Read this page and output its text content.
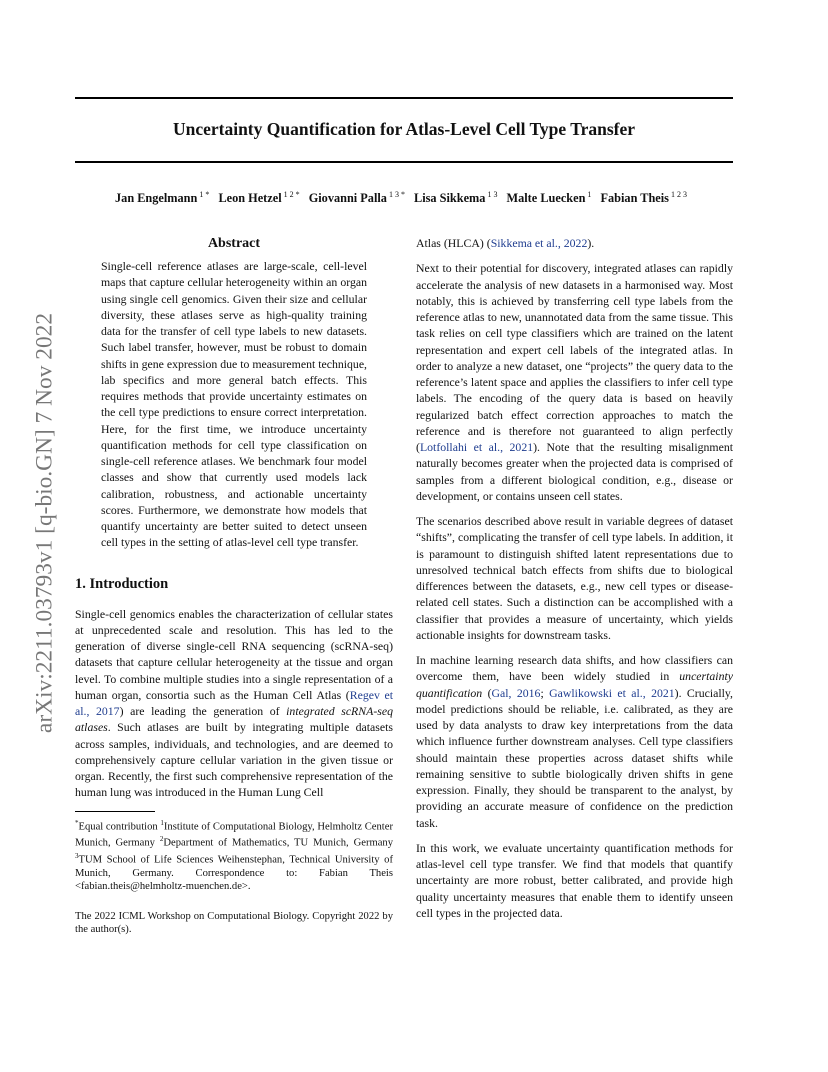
Uncertainty Quantification for Atlas-Level Cell Type Transfer
Jan Engelmann $^{1 *}$ Leon Hetzel $^{1 2 *}$ Giovanni Palla $^{1 3 *}$ Lisa Sikkema $^{1 3}$ Malte Luecken $^1$ Fabian Theis $^{1 2 3}$
arXiv:2211.03793v1 [q-bio.GN] 7 Nov 2022
Abstract

Single-cell reference atlases are large-scale, cell-level maps that capture cellular heterogeneity within an organ using single cell genomics. Given their size and cellular diversity, these atlases serve as high-quality training data for the transfer of cell type labels to new datasets. Such label transfer, however, must be robust to domain shifts in gene expression due to measurement technique, lab specifics and more general batch effects. This requires methods that provide uncertainty estimates on the cell type predictions to ensure correct interpretation. Here, for the first time, we introduce uncertainty quantification methods for cell type classification on single-cell reference atlases. We benchmark four model classes and show that currently used models lack calibration, robustness, and actionable uncertainty scores. Furthermore, we demonstrate how models that quantify uncertainty are better suited to detect unseen cell types in the setting of atlas-level cell type transfer.

1. Introduction

Single-cell genomics enables the characterization of cellular states at unprecedented scale and resolution. This has led to the generation of diverse single-cell RNA sequencing (scRNA-seq) datasets that capture cellular heterogeneity at the tissue and organ level. To combine multiple studies into a single representation of a human organ, consortia such as the Human Cell Atlas (Regev et al., 2017) are leading the generation of integrated scRNA-seq atlases. Such atlases are built by integrating multiple datasets across samples, individuals, and technologies, and are deemed to comprehensively capture cellular variation in the given tissue or organ. Recently, the first such comprehensive representation of the human lung was introduced in the Human Lung Cell

*Equal contribution $^1$Institute of Computational Biology, Helmholtz Center Munich, Germany $^2$Department of Mathematics, TU Munich, Germany $^3$TUM School of Life Sciences Weihenstephan, Technical University of Munich, Germany. Correspondence to: Fabian Theis <fabian.theis@helmholtz-muenchen.de>.
The 2022 ICML Workshop on Computational Biology. Copyright 2022 by the author(s).

Atlas (HLCA) (Sikkema et al., 2022).

Next to their potential for discovery, integrated atlases can rapidly accelerate the analysis of new datasets in a harmonised way. Most notably, this is achieved by transferring cell type labels from the reference atlas to new, unannotated data from the same tissue. This task relies on cell type classifiers which are trained on the latent representation and expert cell labels of the integrated atlas. In order to analyze a new dataset, one “projects” the query data to the reference’s latent space and applies the classifiers to infer cell type labels. The encoding of the query data is based on heavily regularized batch effect correction approaches to match the reference and is therefore not guaranteed to align perfectly (Lotfollahi et al., 2021). Note that the resulting misalignment naturally becomes greater when the projected data is comprised of samples from a different biological condition, e.g., disease or development, or contains unseen cell states.

The scenarios described above result in variable degrees of dataset “shifts”, complicating the transfer of cell type labels. In addition, it is paramount to distinguish shifted latent representations due to unresolved technical batch effects from shifts due to biological differences between the datasets, e.g., new cell types or disease-related cell states. Such a distinction can be accomplished with a classifier that provides a measure of uncertainty, which yields actionable insights for downstream tasks.

In machine learning research data shifts, and how classifiers can overcome them, have been widely studied in uncertainty quantification (Gal, 2016; Gawlikowski et al., 2021). Crucially, model predictions should be reliable, i.e. calibrated, as they are used by data analysts to draw key interpretations from the data which influence further downstream analyses. Cell type classifiers should maintain these properties across dataset shifts while remaining sensitive to subtle biologically driven shifts in gene expression. Finally, they should be transparent to the analyst, by providing an accurate measure of confidence on the prediction task.

In this work, we evaluate uncertainty quantification methods for atlas-level cell type transfer. We find that models that quantify uncertainty are more robust, better calibrated, and provide high quality uncertainty measures that enable them to identify unseen cell types in the projected data.
